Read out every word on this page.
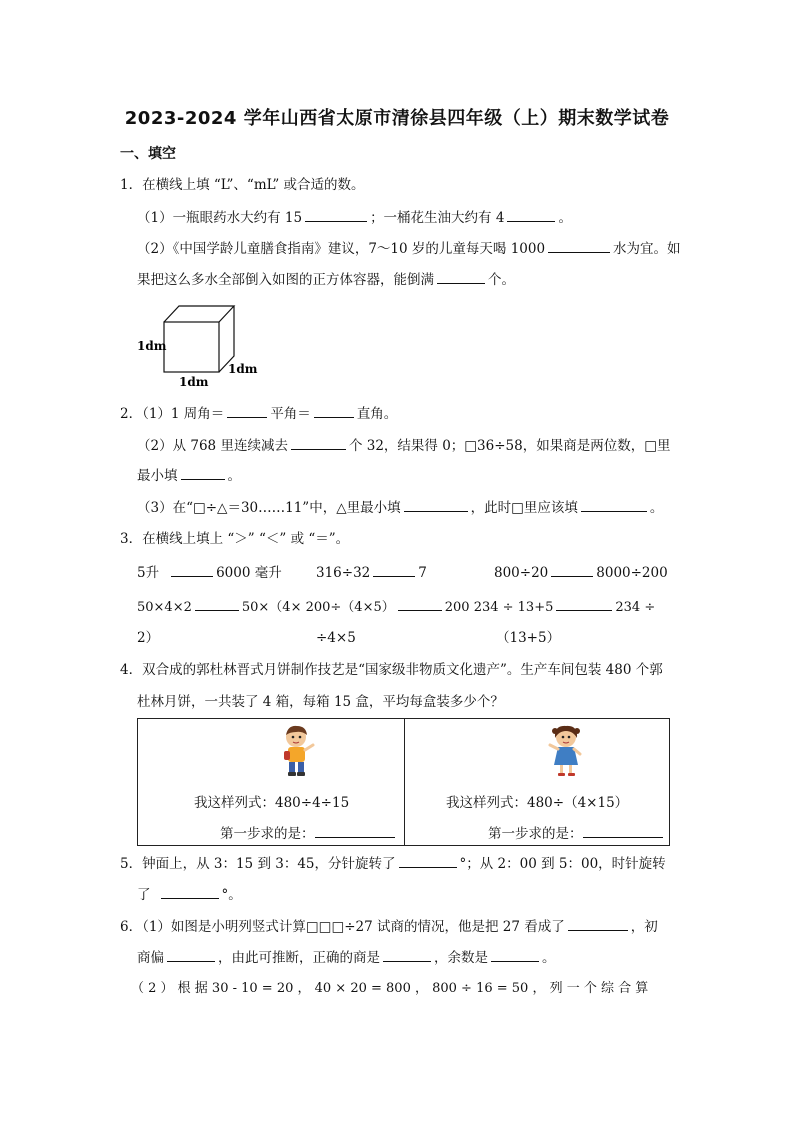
2023-2024 学年山西省太原市清徐县四年级（上）期末数学试卷
一、填空
1．在横线上填 “L”、“mL” 或合适的数。
（1）一瓶眼药水大约有 15	；一桶花生油大约有 4	。
（2）《中国学龄儿童膳食指南》建议，7～10 岁的儿童每天喝 1000	水为宜。如
果把这么多水全部倒入如图的正方体容器，能倒满	个。
1dm
1dm
1dm
2．（1）1 周角＝	平角＝	直角。
（2）从 768 里连续减去	个 32，结果得 0；□36÷58，如果商是两位数，□里
最小填	。
（3）在“□÷△＝30……11”中，△里最小填	，此时□里应该填	。
3．在横线上填上 “＞” “＜” 或 “＝”。
5升	6000 毫升	316÷32	7	800÷20	8000÷200
50×4×2	50×（4× 200÷（4×5）	200 234 ÷ 13+5	234 ÷
2）	÷4×5	（13+5）
4．双合成的郭杜林晋式月饼制作技艺是“国家级非物质文化遗产”。生产车间包装 480 个郭
杜林月饼，一共装了 4 箱，每箱 15 盒，平均每盒装多少个？
我这样列式：480÷4÷15
第一步求的是：
我这样列式：480÷（4×15）
第一步求的是：
5．钟面上，从 3：15 到 3：45，分针旋转了	°；从 2：00 到 5：00，时针旋转
了	°。
6．（1）如图是小明列竖式计算□□□÷27 试商的情况，他是把 27 看成了	，初
商偏	，由此可推断，正确的商是	，余数是	。
（ 2 ） 根 据 30 - 10 = 20 ， 40 × 20 = 800 ， 800 ÷ 16 = 50 ， 列 一 个 综 合 算
